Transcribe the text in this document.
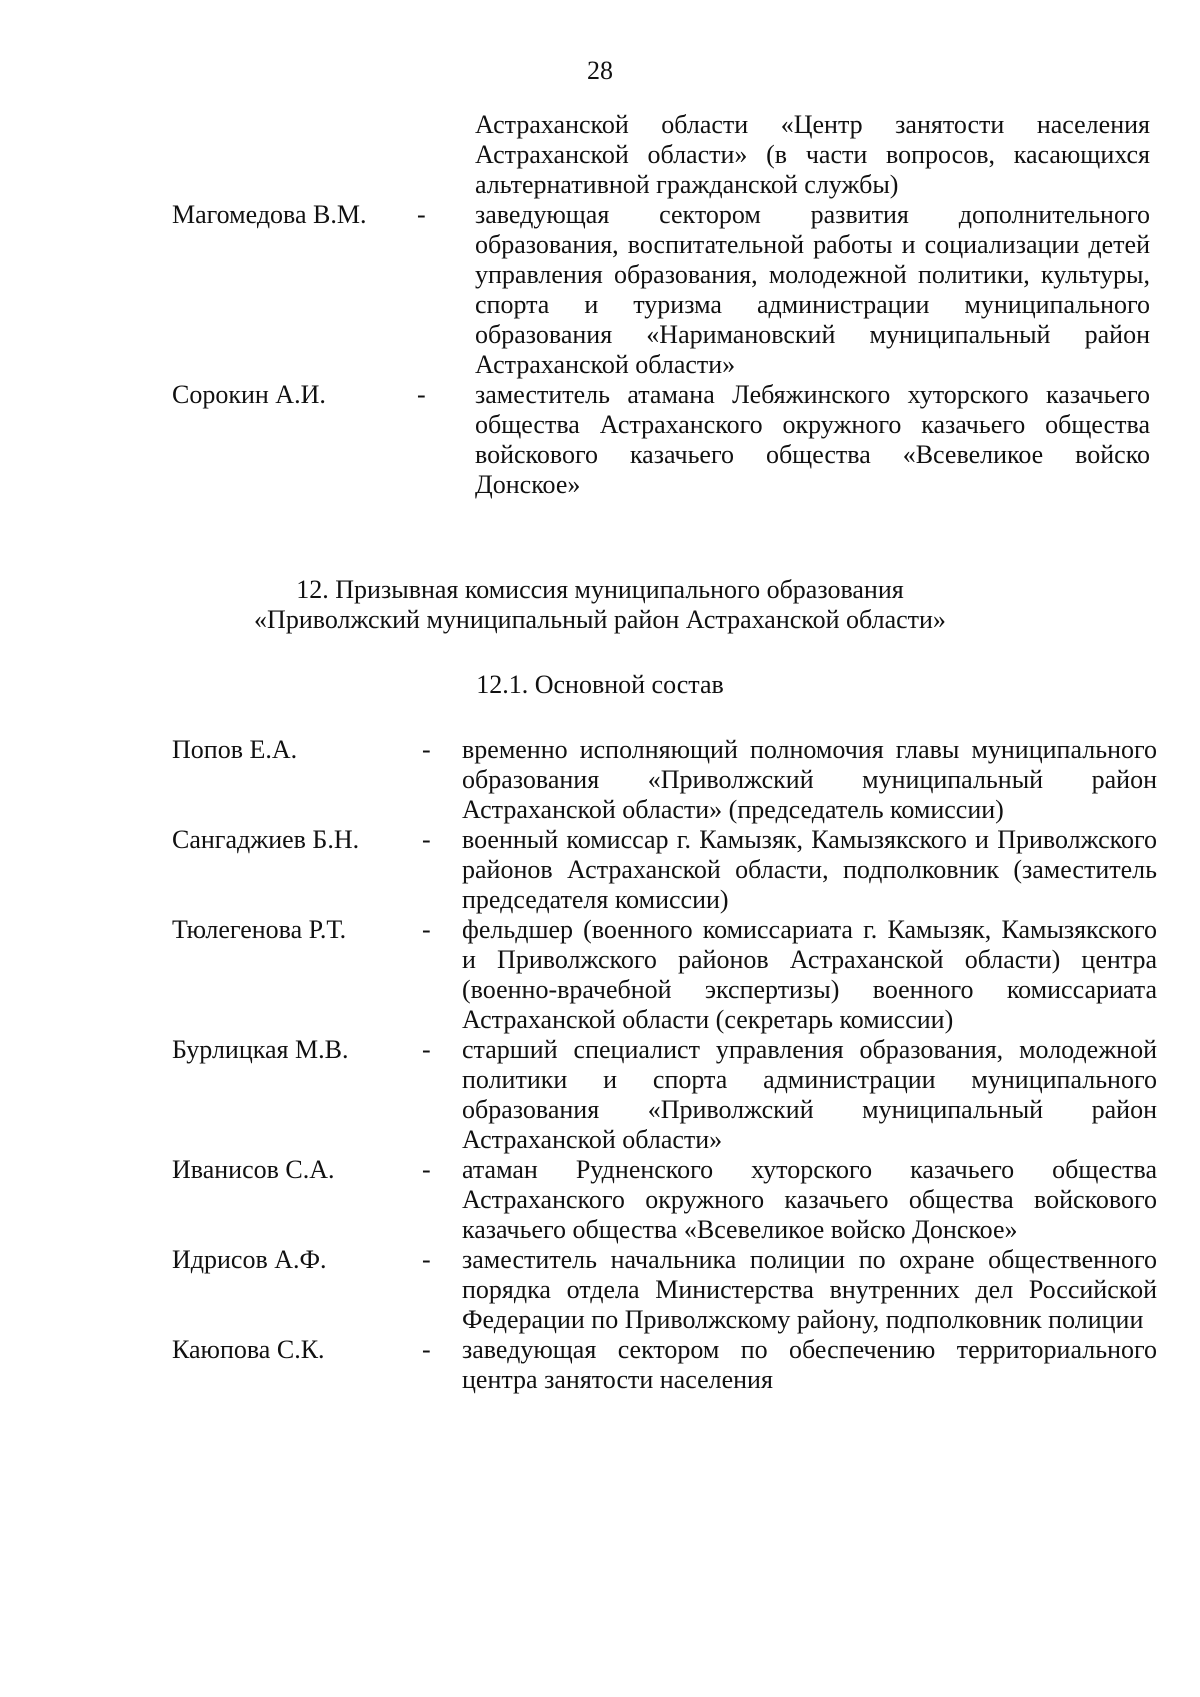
28
Астраханской области «Центр занятости населения Астраханской области» (в части вопросов, касающихся альтернативной гражданской службы)
Магомедова В.М.	-	заведующая сектором развития дополнительного образования, воспитательной работы и социализации детей управления образования, молодежной политики, культуры, спорта и туризма администрации муниципального образования «Наримановский муниципальный район Астраханской области»
Сорокин А.И.	-	заместитель атамана Лебяжинского хуторского казачьего общества Астраханского окружного казачьего общества войскового казачьего общества «Всевеликое войско Донское»
12. Призывная комиссия муниципального образования
«Приволжский муниципальный район Астраханской области»
12.1. Основной состав
Попов Е.А.	-	временно исполняющий полномочия главы муниципального образования «Приволжский муниципальный район Астраханской области» (председатель комиссии)
Сангаджиев Б.Н.	-	военный комиссар г. Камызяк, Камызякского и Приволжского районов Астраханской области, подполковник (заместитель председателя комиссии)
Тюлегенова Р.Т.	-	фельдшер (военного комиссариата г. Камызяк, Камызякского и Приволжского районов Астраханской области) центра (военно-врачебной экспертизы) военного комиссариата Астраханской области (секретарь комиссии)
Бурлицкая М.В.	-	старший специалист управления образования, молодежной политики и спорта администрации муниципального образования «Приволжский муниципальный район Астраханской области»
Иванисов С.А.	-	атаман Рудненского хуторского казачьего общества Астраханского окружного казачьего общества войскового казачьего общества «Всевеликое войско Донское»
Идрисов А.Ф.	-	заместитель начальника полиции по охране общественного порядка отдела Министерства внутренних дел Российской Федерации по Приволжскому району, подполковник полиции
Каюпова С.К.	-	заведующая сектором по обеспечению территориального центра занятости населения
